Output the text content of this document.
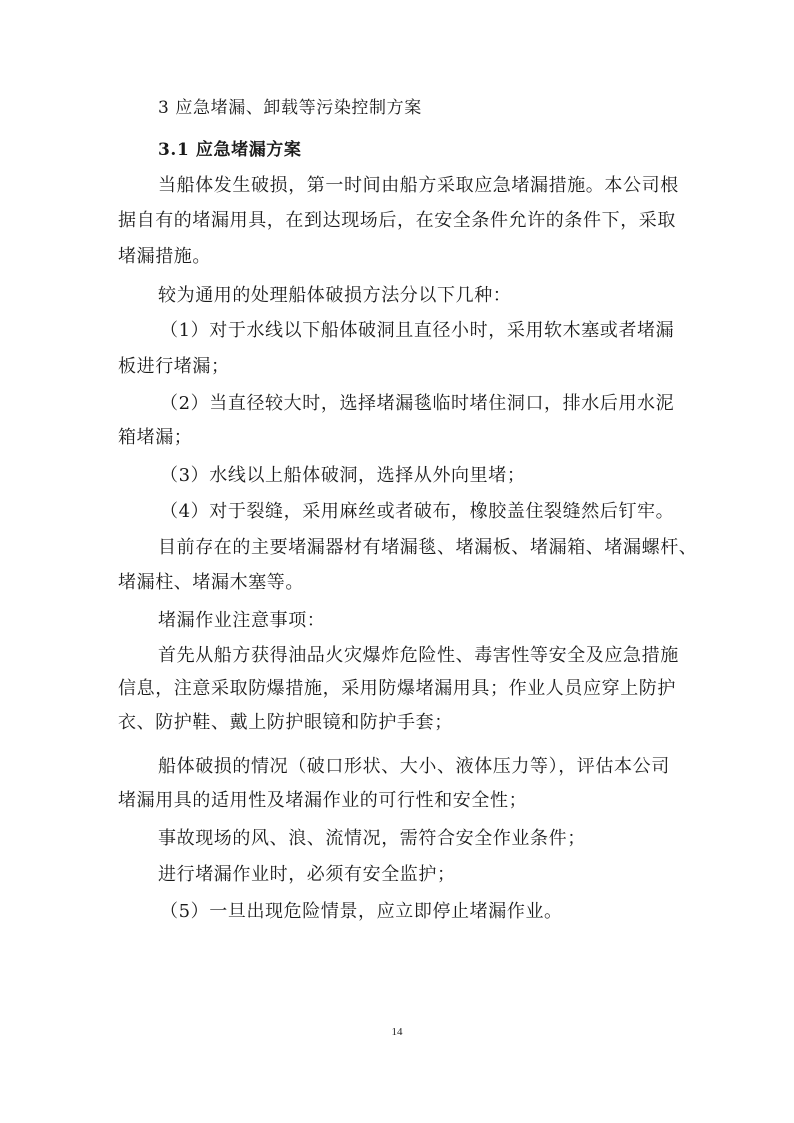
3 应急堵漏、卸载等污染控制方案
3.1 应急堵漏方案
当船体发生破损，第一时间由船方采取应急堵漏措施。本公司根
据自有的堵漏用具，在到达现场后，在安全条件允许的条件下，采取
堵漏措施。
较为通用的处理船体破损方法分以下几种：
（1）对于水线以下船体破洞且直径小时，采用软木塞或者堵漏
板进行堵漏；
（2）当直径较大时，选择堵漏毯临时堵住洞口，排水后用水泥
箱堵漏；
（3）水线以上船体破洞，选择从外向里堵；
（4）对于裂缝，采用麻丝或者破布，橡胶盖住裂缝然后钉牢。
目前存在的主要堵漏器材有堵漏毯、堵漏板、堵漏箱、堵漏螺杆、
堵漏柱、堵漏木塞等。
堵漏作业注意事项：
首先从船方获得油品火灾爆炸危险性、毒害性等安全及应急措施
信息，注意采取防爆措施，采用防爆堵漏用具；作业人员应穿上防护
衣、防护鞋、戴上防护眼镜和防护手套；
船体破损的情况（破口形状、大小、液体压力等），评估本公司
堵漏用具的适用性及堵漏作业的可行性和安全性；
事故现场的风、浪、流情况，需符合安全作业条件；
进行堵漏作业时，必须有安全监护；
（5）一旦出现危险情景，应立即停止堵漏作业。
14
